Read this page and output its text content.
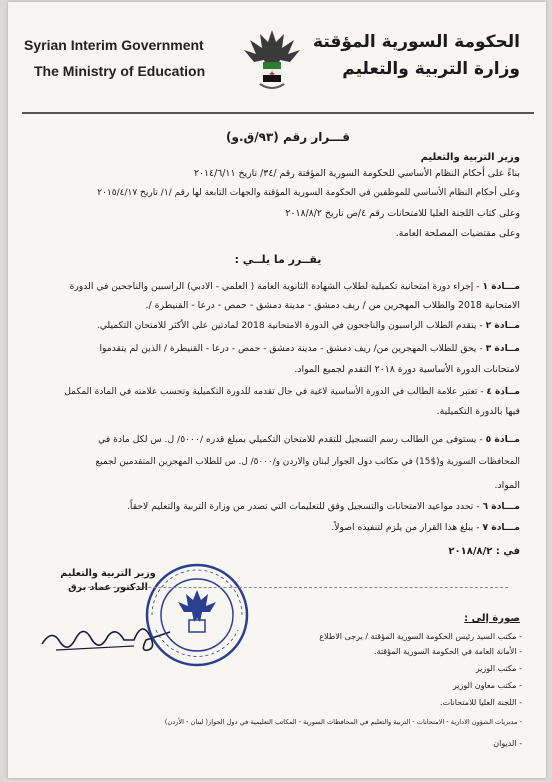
Syrian Interim Government
The Ministry of Education
الحكومة السورية المؤقتة
وزارة التربية والتعليم
قـــرار رقم (٩٣/ق.و)
وزير التربية والتعليم
بناءً على أحكام النظام الأساسي للحكومة السورية المؤقتة رقم /٣٤/ تاريخ ٢٠١٤/٦/١١
وعلى أحكام النظام الأساسي للموظفين في الحكومة السورية المؤقتة والجهات التابعة لها رقم /١/ تاريخ ٢٠١٥/٤/١٧
وعلى كتاب اللجنة العليا للامتحانات رقم ٤/ص تاريخ ٢٠١٨/٨/٢
وعلى مقتضيات المصلحة العامة.
يقــرر ما يلــي :
مـــادة ١ - إجراء دورة امتحانية تكميلية لطلاب الشهادة الثانوية العامة ( العلمي - الادبي) الراسبين والناجحين في الدورة
الامتحانية 2018 والطلاب المهجرين من / ريف دمشق - مدينة دمشق - حمص - درعا - القنيطرة /.
مــادة ٢ - يتقدم الطلاب الراسبون والناجحون في الدورة الامتحانية 2018 لمادتين على الأكثر للامتحان التكميلي.
مــادة ٣ - يحق للطلاب المهجرين من/ ريف دمشق - مدينة دمشق - حمص - درعا - القنيطرة / الذين لم يتقدموا
لامتحانات الدورة الأساسية دورة ٢٠١٨ التقدم لجميع المواد.
مــادة ٤ - تعتبر علامة الطالب في الدورة الأساسية لاغية في حال تقدمه للدورة التكميلية وتحسب علامته في المادة المكمل
فيها بالدورة التكميلية.
مــادة ٥ - يستوفى من الطالب رسم التسجيل للتقدم للامتحان التكميلي بمبلغ قدره /٥٠٠٠/ ل. س لكل مادة في
المحافظات السورية و($15) في مكاتب دول الجوار لبنان والاردن و/٥٠٠٠/ ل. س للطلاب المهجرين المتقدمين لجميع
المواد.
مـــادة ٦ - تحدد مواعيد الامتحانات والتسجيل وفق للتعليمات التي تصدر من وزارة التربية والتعليم لاحقاً.
مـــادة ٧ - يبلغ هذا القرار من يلزم لتنفيذه اصولاً.
في : ٢٠١٨/٨/٢
وزير التربية والتعليم
الدكتور عماد برق
صورة إلى :
- مكتب السيد رئيس الحكومة السورية المؤقتة / يرجى الاطلاع
- الأمانة العامة في الحكومة السورية المؤقتة.
- مكتب الوزير
- مكتب معاون الوزير
- اللجنة العليا للامتحانات.
- مديريات الشؤون الادارية - الامتحانات - التربية والتعليم في المحافظات السورية - المكاتب التعليمية في دول الجوار( لبنان - الأردن)
- الديوان
